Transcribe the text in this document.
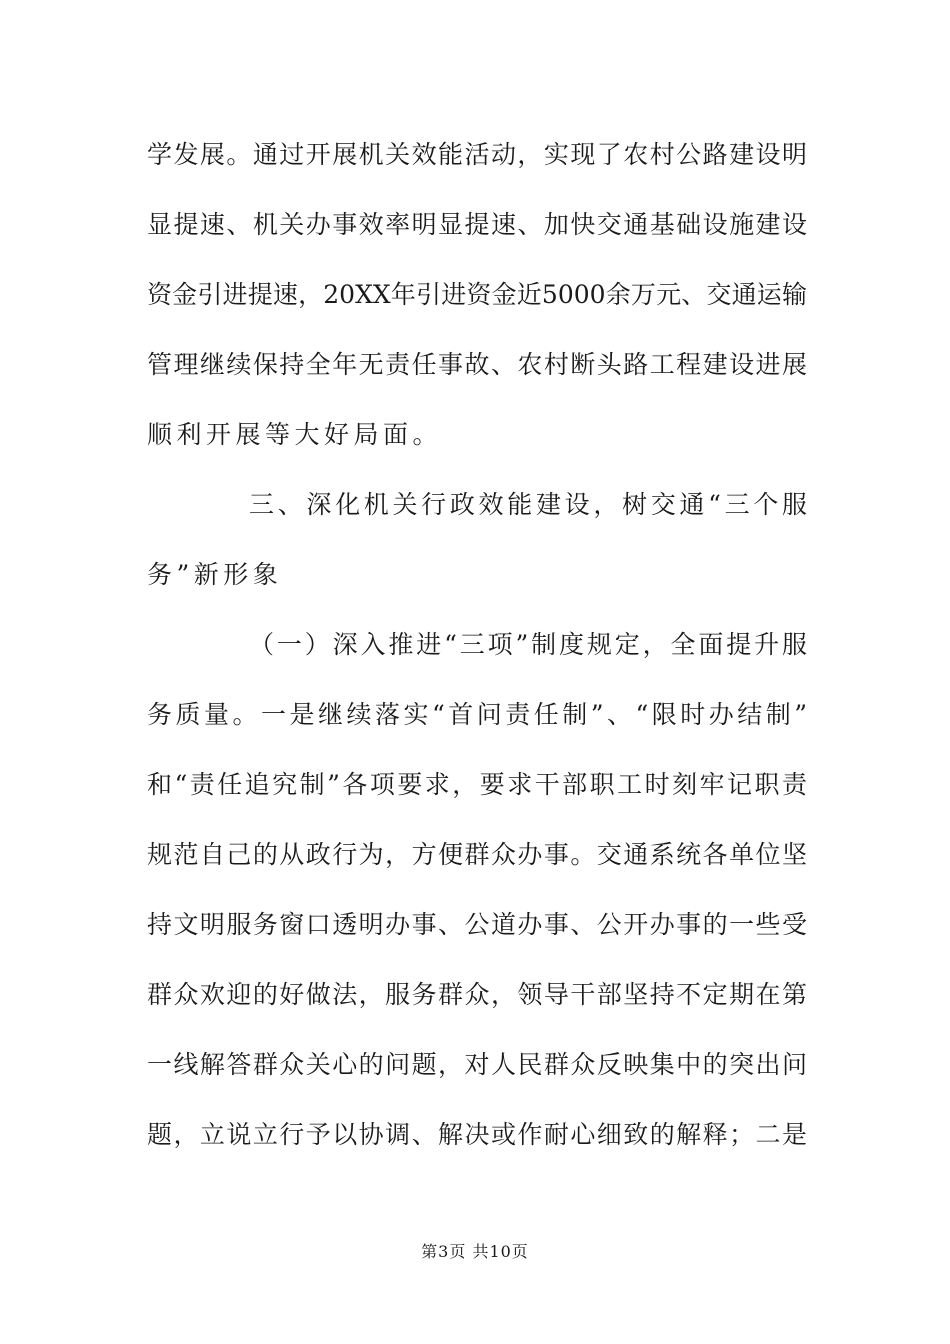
学发展。通过开展机关效能活动，实现了农村公路建设明
显提速、机关办事效率明显提速、加快交通基础设施建设
资金引进提速，20XX年引进资金近5000余万元、交通运输
管理继续保持全年无责任事故、农村断头路工程建设进展
顺利开展等大好局面。
三、深化机关行政效能建设，树交通“三个服
务”新形象
（一）深入推进“三项”制度规定，全面提升服
务质量。一是继续落实“首问责任制”、“限时办结制”
和“责任追究制”各项要求，要求干部职工时刻牢记职责
规范自己的从政行为，方便群众办事。交通系统各单位坚
持文明服务窗口透明办事、公道办事、公开办事的一些受
群众欢迎的好做法，服务群众，领导干部坚持不定期在第
一线解答群众关心的问题，对人民群众反映集中的突出问
题，立说立行予以协调、解决或作耐心细致的解释；二是
第3页 共10页
